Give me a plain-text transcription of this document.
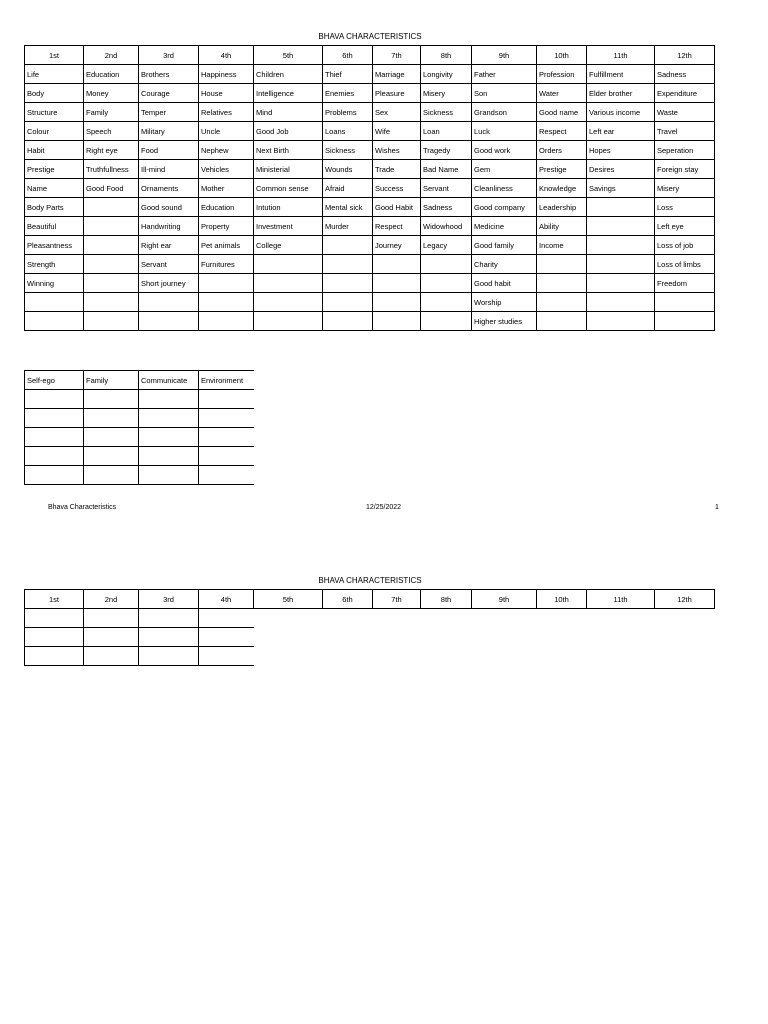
BHAVA CHARACTERISTICS
1st	2nd	3rd	4th	5th	6th	7th	8th	9th	10th	11th	12th
Life	Education	Brothers	Happiness	Children	Thief	Marriage	Longivity	Father	Profession	Fulfillment	Sadness
Body	Money	Courage	House	Intelligence	Enemies	Pleasure	Misery	Son	Water	Elder brother	Expenditure
Structure	Family	Temper	Relatives	Mind	Problems	Sex	Sickness	Grandson	Good name	Various income	Waste
Colour	Speech	Military	Uncle	Good Job	Loans	Wife	Loan	Luck	Respect	Left ear	Travel
Habit	Right eye	Food	Nephew	Next Birth	Sickness	Wishes	Tragedy	Good work	Orders	Hopes	Seperation
Prestige	Truthfullness	Ill-mind	Vehicles	Ministerial	Wounds	Trade	Bad Name	Gem	Prestige	Desires	Foreign stay
Name	Good Food	Ornaments	Mother	Common sense	Afraid	Success	Servant	Cleanliness	Knowledge	Savings	Misery
Body Parts		Good sound	Education	Intution	Mental sick	Good Habit	Sadness	Good company	Leadership		Loss
Beautiful		Handwriting	Property	Investment	Murder	Respect	Widowhood	Medicine	Ability		Left eye
Pleasantness		Right ear	Pet animals	College		Journey	Legacy	Good family	Income		Loss of job
Strength		Servant	Furnitures					Charity			Loss of limbs
Winning		Short journey						Good habit			Freedom
								Worship			
								Higher studies			
Self-ego	Family	Communicate	Environment

Bhava Characteristics	12/25/2022	1
BHAVA CHARACTERISTICS
1st	2nd	3rd	4th	5th	6th	7th	8th	9th	10th	11th	12th
